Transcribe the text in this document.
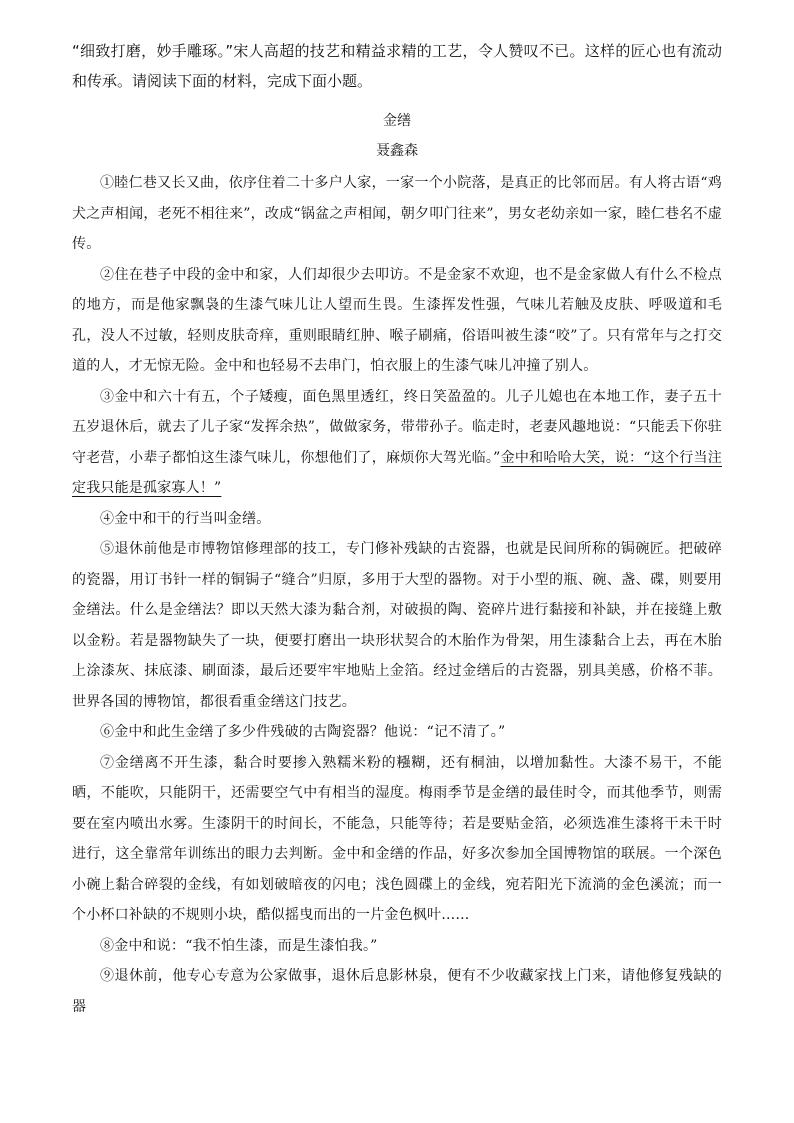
“细致打磨，妙手雕琢。”宋人高超的技艺和精益求精的工艺，令人赞叹不已。这样的匠心也有流动和传承。请阅读下面的材料，完成下面小题。

金缮
聂鑫森

①睦仁巷又长又曲，依序住着二十多户人家，一家一个小院落，是真正的比邻而居。有人将古语“鸡犬之声相闻，老死不相往来”，改成“锅盆之声相闻，朝夕叩门往来”，男女老幼亲如一家，睦仁巷名不虚传。

②住在巷子中段的金中和家，人们却很少去叩访。不是金家不欢迎，也不是金家做人有什么不检点的地方，而是他家飘袅的生漆气味儿让人望而生畏。生漆挥发性强，气味儿若触及皮肤、呼吸道和毛孔，没人不过敏，轻则皮肤奇痒，重则眼睛红肿、喉子刷痛，俗语叫被生漆“咬”了。只有常年与之打交道的人，才无惊无险。金中和也轻易不去串门，怕衣服上的生漆气味儿冲撞了别人。

③金中和六十有五，个子矮瘦，面色黑里透红，终日笑盈盈的。儿子儿媳也在本地工作，妻子五十五岁退休后，就去了儿子家“发挥余热”，做做家务，带带孙子。临走时，老妻风趣地说：“只能丢下你驻守老营，小辈子都怕这生漆气味儿，你想他们了，麻烦你大驾光临。”金中和哈哈大笑，说：“这个行当注定我只能是孤家寡人！”

④金中和干的行当叫金缮。

⑤退休前他是市博物馆修理部的技工，专门修补残缺的古瓷器，也就是民间所称的锔碗匠。把破碎的瓷器，用订书针一样的铜锔子“缝合”归原，多用于大型的器物。对于小型的瓶、碗、盏、碟，则要用金缮法。什么是金缮法？即以天然大漆为黏合剂，对破损的陶、瓷碎片进行黏接和补缺，并在接缝上敷以金粉。若是器物缺失了一块，便要打磨出一块形状契合的木胎作为骨架，用生漆黏合上去，再在木胎上涂漆灰、抹底漆、刷面漆，最后还要牢牢地贴上金箔。经过金缮后的古瓷器，别具美感，价格不菲。世界各国的博物馆，都很看重金缮这门技艺。

⑥金中和此生金缮了多少件残破的古陶瓷器？他说：“记不清了。”

⑦金缮离不开生漆，黏合时要掺入熟糯米粉的糨糊，还有桐油，以增加黏性。大漆不易干，不能晒，不能吹，只能阴干，还需要空气中有相当的湿度。梅雨季节是金缮的最佳时令，而其他季节，则需要在室内喷出水雾。生漆阴干的时间长，不能急，只能等待；若是要贴金箔，必须选准生漆将干未干时进行，这全靠常年训练出的眼力去判断。金中和金缮的作品，好多次参加全国博物馆的联展。一个深色小碗上黏合碎裂的金线，有如划破暗夜的闪电；浅色圆碟上的金线，宛若阳光下流淌的金色溪流；而一个小杯口补缺的不规则小块，酷似摇曳而出的一片金色枫叶……

⑧金中和说：“我不怕生漆，而是生漆怕我。”

⑨退休前，他专心专意为公家做事，退休后息影林泉，便有不少收藏家找上门来，请他修复残缺的器
